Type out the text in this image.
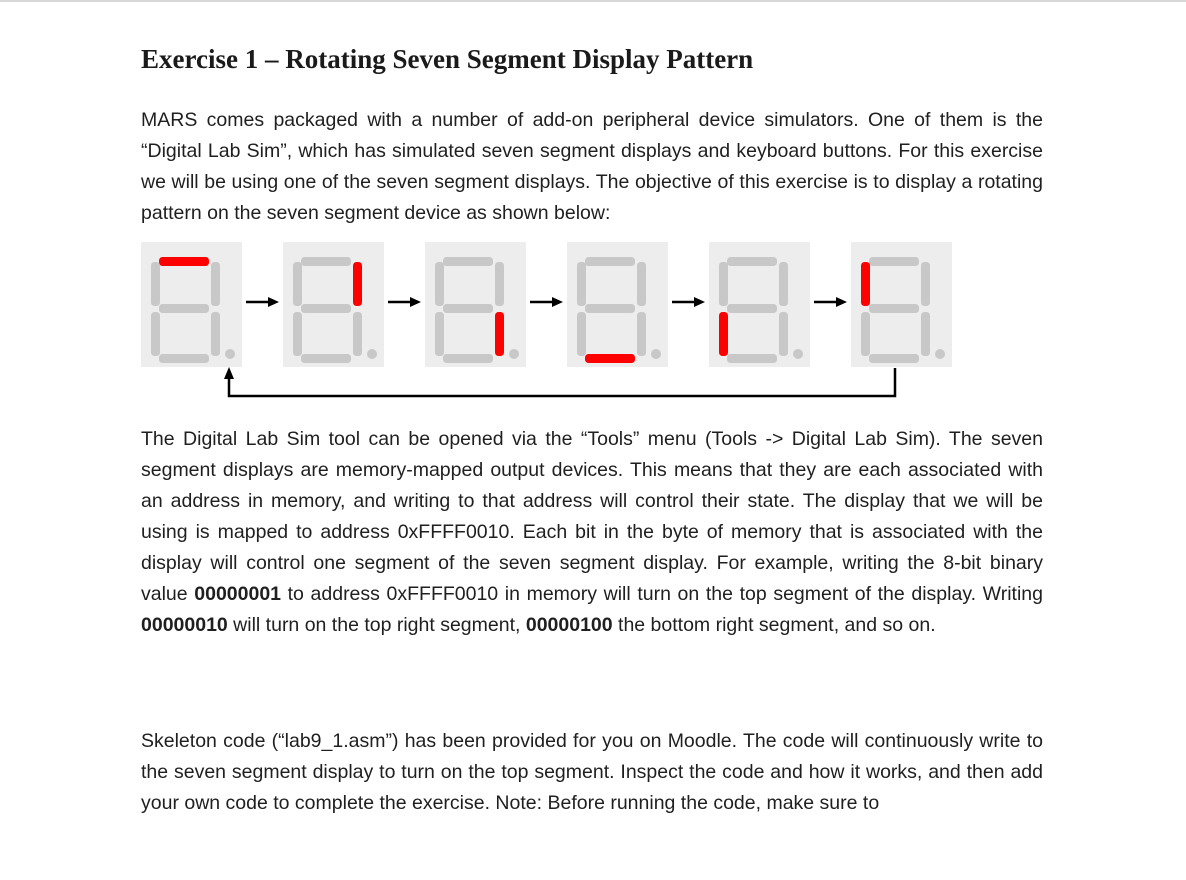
Exercise 1 – Rotating Seven Segment Display Pattern

MARS comes packaged with a number of add-on peripheral device simulators. One of them is the “Digital Lab Sim”, which has simulated seven segment displays and keyboard buttons. For this exercise we will be using one of the seven segment displays. The objective of this exercise is to display a rotating pattern on the seven segment device as shown below:

The Digital Lab Sim tool can be opened via the “Tools” menu (Tools -> Digital Lab Sim). The seven segment displays are memory-mapped output devices. This means that they are each associated with an address in memory, and writing to that address will control their state. The display that we will be using is mapped to address 0xFFFF0010. Each bit in the byte of memory that is associated with the display will control one segment of the seven segment display. For example, writing the 8-bit binary value 00000001 to address 0xFFFF0010 in memory will turn on the top segment of the display. Writing 00000010 will turn on the top right segment, 00000100 the bottom right segment, and so on.

Skeleton code (“lab9_1.asm”) has been provided for you on Moodle. The code will continuously write to the seven segment display to turn on the top segment. Inspect the code and how it works, and then add your own code to complete the exercise. Note: Before running the code, make sure to
